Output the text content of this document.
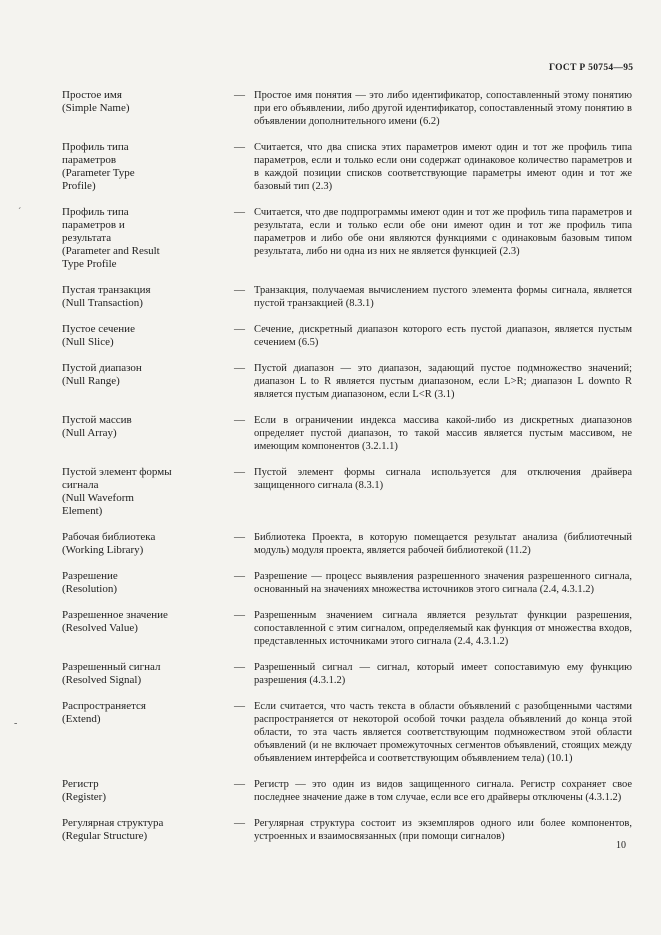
ГОСТ Р 50754—95
Простое имя
(Simple Name)
— Простое имя понятия — это либо идентификатор, сопоставленный этому понятию при его объявлении, либо другой идентификатор, сопоставленный этому понятию в объявлении дополнительного имени (6.2)
Профиль типа
параметров
(Parameter Type
Profile)
— Считается, что два списка этих параметров имеют один и тот же профиль типа параметров, если и только если они содержат одинаковое количество параметров и в каждой позиции списков соответствующие параметры имеют один и тот же базовый тип (2.3)
Профиль типа
параметров и
результата
(Parameter and Result
Type Profile
— Считается, что две подпрограммы имеют один и тот же профиль типа параметров и результата, если и только если обе они имеют один и тот же профиль типа параметров и либо обе они являются функциями с одинаковым базовым типом результата, либо ни одна из них не является функцией (2.3)
Пустая транзакция
(Null Transaction)
— Транзакция, получаемая вычислением пустого элемента формы сигнала, является пустой транзакцией (8.3.1)
Пустое сечение
(Null Slice)
— Сечение, дискретный диапазон которого есть пустой диапазон, является пустым сечением (6.5)
Пустой диапазон
(Null Range)
— Пустой диапазон — это диапазон, задающий пустое подмножество значений; диапазон L to R является пустым диапазоном, если L>R; диапазон L downto R является пустым диапазоном, если L<R (3.1)
Пустой массив
(Null Array)
— Если в ограничении индекса массива какой-либо из дискретных диапазонов определяет пустой диапазон, то такой массив является пустым массивом, не имеющим компонентов (3.2.1.1)
Пустой элемент формы
сигнала
(Null Waveform
Element)
— Пустой элемент формы сигнала используется для отключения драйвера защищенного сигнала (8.3.1)
Рабочая библиотека
(Working Library)
— Библиотека Проекта, в которую помещается результат анализа (библиотечный модуль) модуля проекта, является рабочей библиотекой (11.2)
Разрешение
(Resolution)
— Разрешение — процесс выявления разрешенного значения разрешенного сигнала, основанный на значениях множества источников этого сигнала (2.4, 4.3.1.2)
Разрешенное значение
(Resolved Value)
— Разрешенным значением сигнала является результат функции разрешения, сопоставленной с этим сигналом, определяемый как функция от множества входов, представленных источниками этого сигнала (2.4, 4.3.1.2)
Разрешенный сигнал
(Resolved Signal)
— Разрешенный сигнал — сигнал, который имеет сопоставимую ему функцию разрешения (4.3.1.2)
Распространяется
(Extend)
— Если считается, что часть текста в области объявлений с разобщенными частями распространяется от некоторой особой точки раздела объявлений до конца этой области, то эта часть является соответствующим подмножеством этой области объявлений (и не включает промежуточных сегментов объявлений, стоящих между объявлением интерфейса и соответствующим объявлением тела) (10.1)
Регистр
(Register)
— Регистр — это один из видов защищенного сигнала. Регистр сохраняет свое последнее значение даже в том случае, если все его драйверы отключены (4.3.1.2)
Регулярная структура
(Regular Structure)
— Регулярная структура состоит из экземпляров одного или более компонентов, устроенных и взаимосвязанных (при помощи сигналов)
10
ˊ
-
